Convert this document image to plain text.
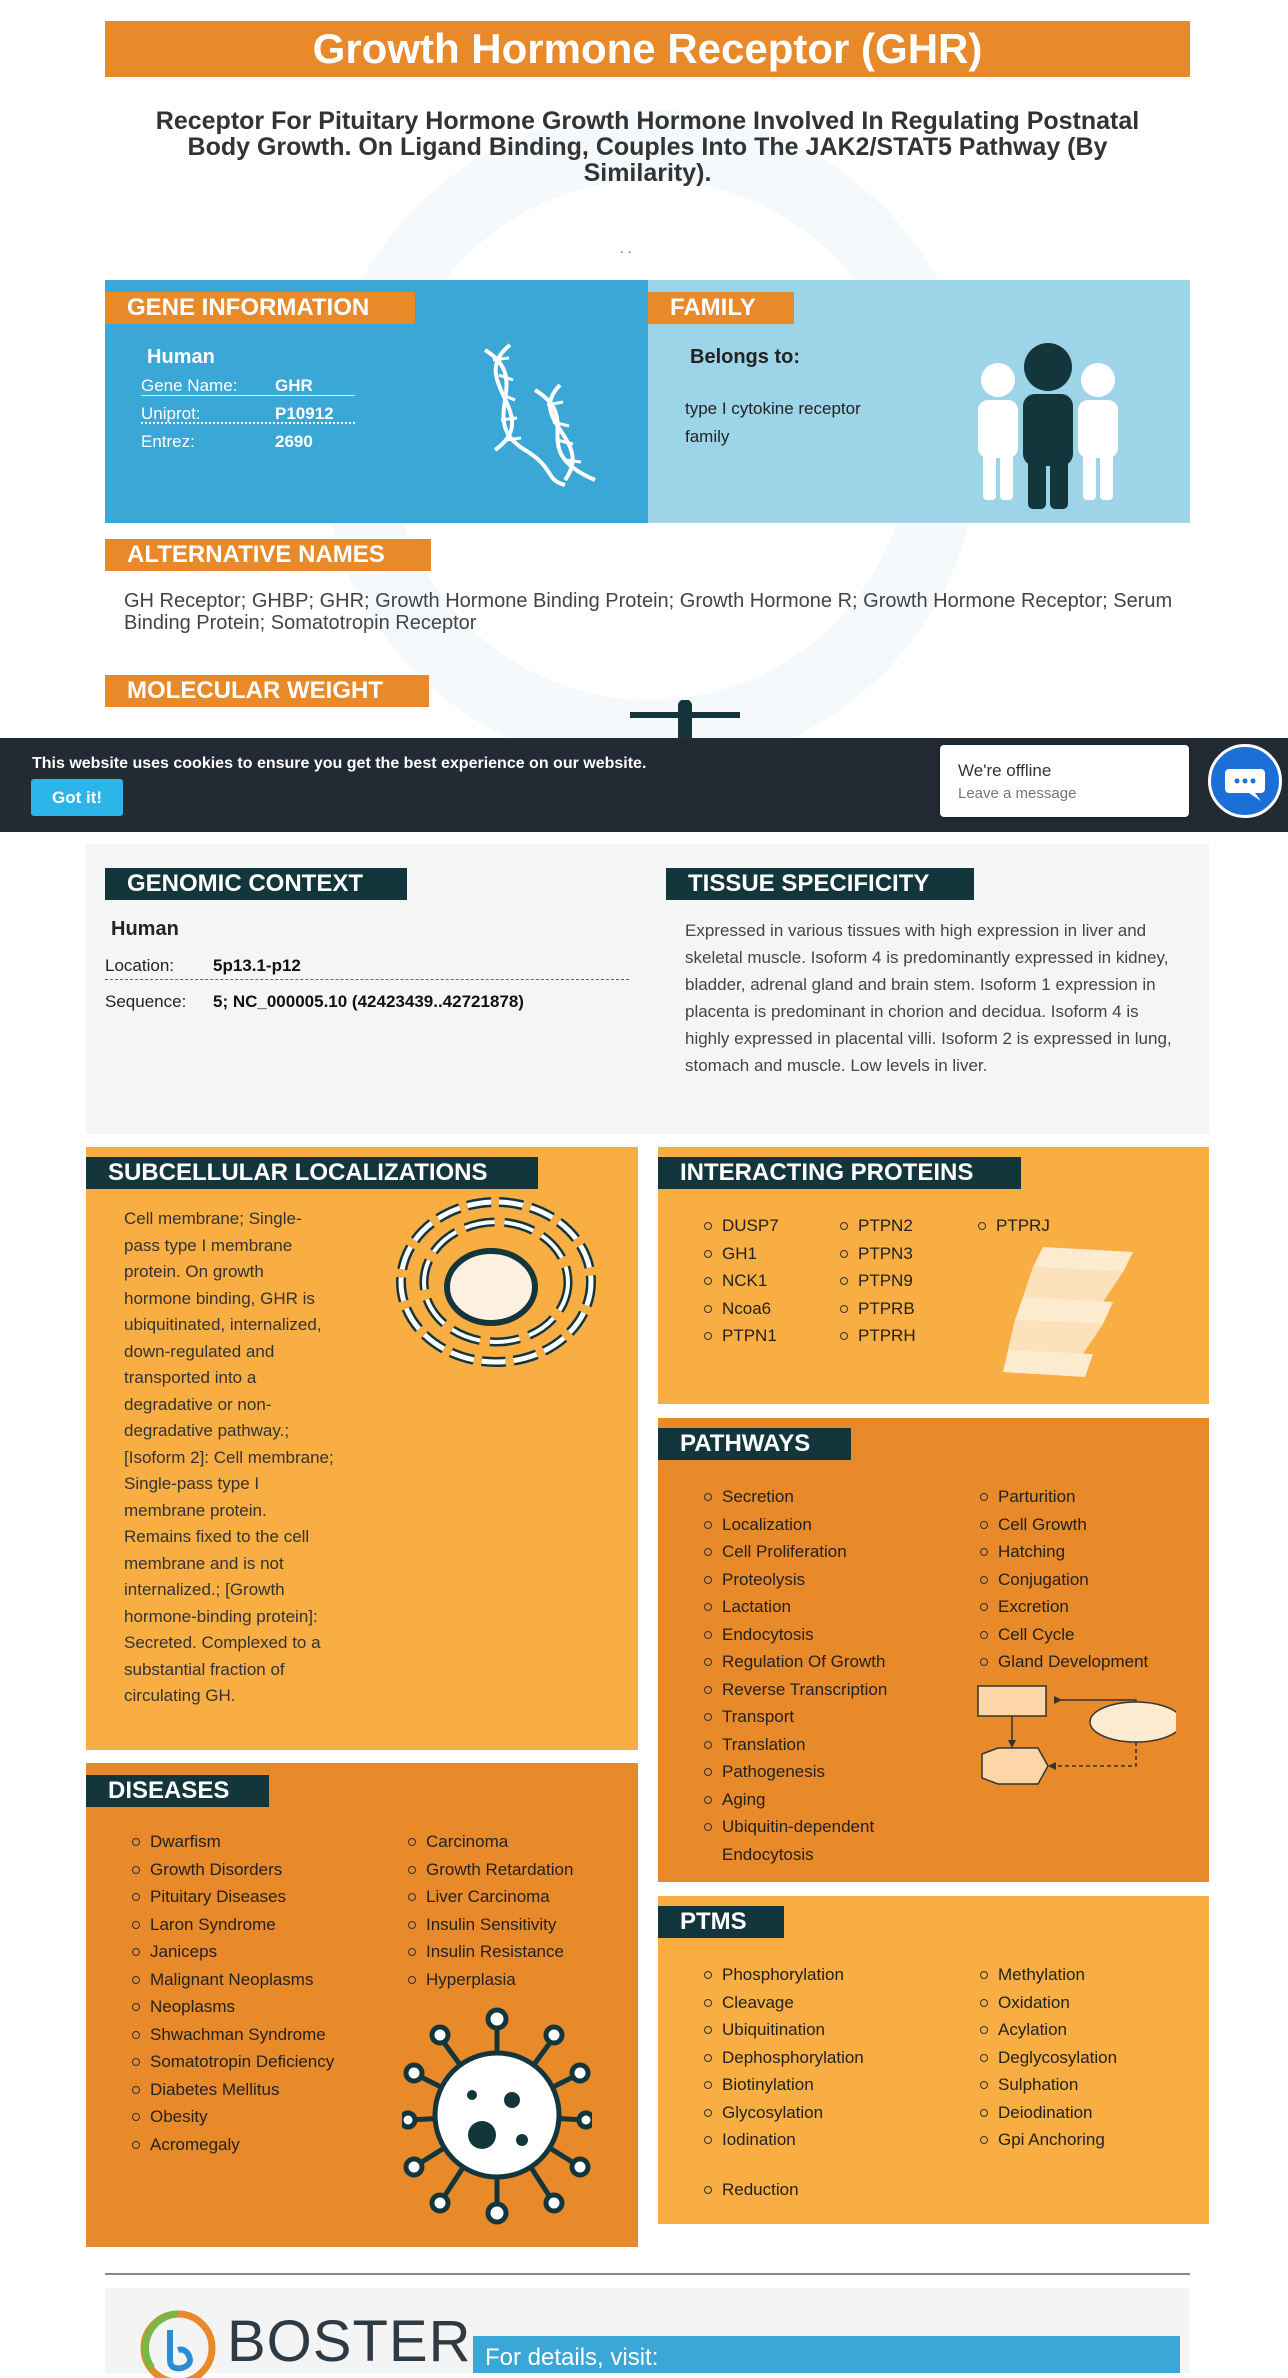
Growth Hormone Receptor (GHR)
Receptor For Pituitary Hormone Growth Hormone Involved In Regulating Postnatal Body Growth. On Ligand Binding, Couples Into The JAK2/STAT5 Pathway (By Similarity).
. .
GENE INFORMATION
Human
Gene Name: GHR
Uniprot:	P10912
Entrez:	2690
FAMILY
Belongs to:
type I cytokine receptor family
ALTERNATIVE NAMES
GH Receptor; GHBP; GHR; Growth Hormone Binding Protein; Growth Hormone R; Growth Hormone Receptor; Serum Binding Protein; Somatotropin Receptor
MOLECULAR WEIGHT
This website uses cookies to ensure you get the best experience on our website.
Got it!
We're offline
Leave a message
GENOMIC CONTEXT
Human
Location: 5p13.1-p12
Sequence: 5; NC_000005.10 (42423439..42721878)
TISSUE SPECIFICITY
Expressed in various tissues with high expression in liver and skeletal muscle. Isoform 4 is predominantly expressed in kidney, bladder, adrenal gland and brain stem. Isoform 1 expression in placenta is predominant in chorion and decidua. Isoform 4 is highly expressed in placental villi. Isoform 2 is expressed in lung, stomach and muscle. Low levels in liver.
SUBCELLULAR LOCALIZATIONS
Cell membrane; Single-pass type I membrane protein. On growth hormone binding, GHR is ubiquitinated, internalized, down-regulated and transported into a degradative or non-degradative pathway.; [Isoform 2]: Cell membrane; Single-pass type I membrane protein. Remains fixed to the cell membrane and is not internalized.; [Growth hormone-binding protein]: Secreted. Complexed to a substantial fraction of circulating GH.
DISEASES
Dwarfism
Growth Disorders
Pituitary Diseases
Laron Syndrome
Janiceps
Malignant Neoplasms
Neoplasms
Shwachman Syndrome
Somatotropin Deficiency
Diabetes Mellitus
Obesity
Acromegaly
Carcinoma
Growth Retardation
Liver Carcinoma
Insulin Sensitivity
Insulin Resistance
Hyperplasia
INTERACTING PROTEINS
DUSP7
GH1
NCK1
Ncoa6
PTPN1
PTPN2
PTPN3
PTPN9
PTPRB
PTPRH
PTPRJ
PATHWAYS
Secretion
Localization
Cell Proliferation
Proteolysis
Lactation
Endocytosis
Regulation Of Growth
Reverse Transcription
Transport
Translation
Pathogenesis
Aging
Ubiquitin-dependent Endocytosis
Parturition
Cell Growth
Hatching
Conjugation
Excretion
Cell Cycle
Gland Development
PTMS
Phosphorylation
Cleavage
Ubiquitination
Dephosphorylation
Biotinylation
Glycosylation
Iodination
Methylation
Oxidation
Acylation
Deglycosylation
Sulphation
Deiodination
Gpi Anchoring
Reduction
BOSTER For details, visit:
